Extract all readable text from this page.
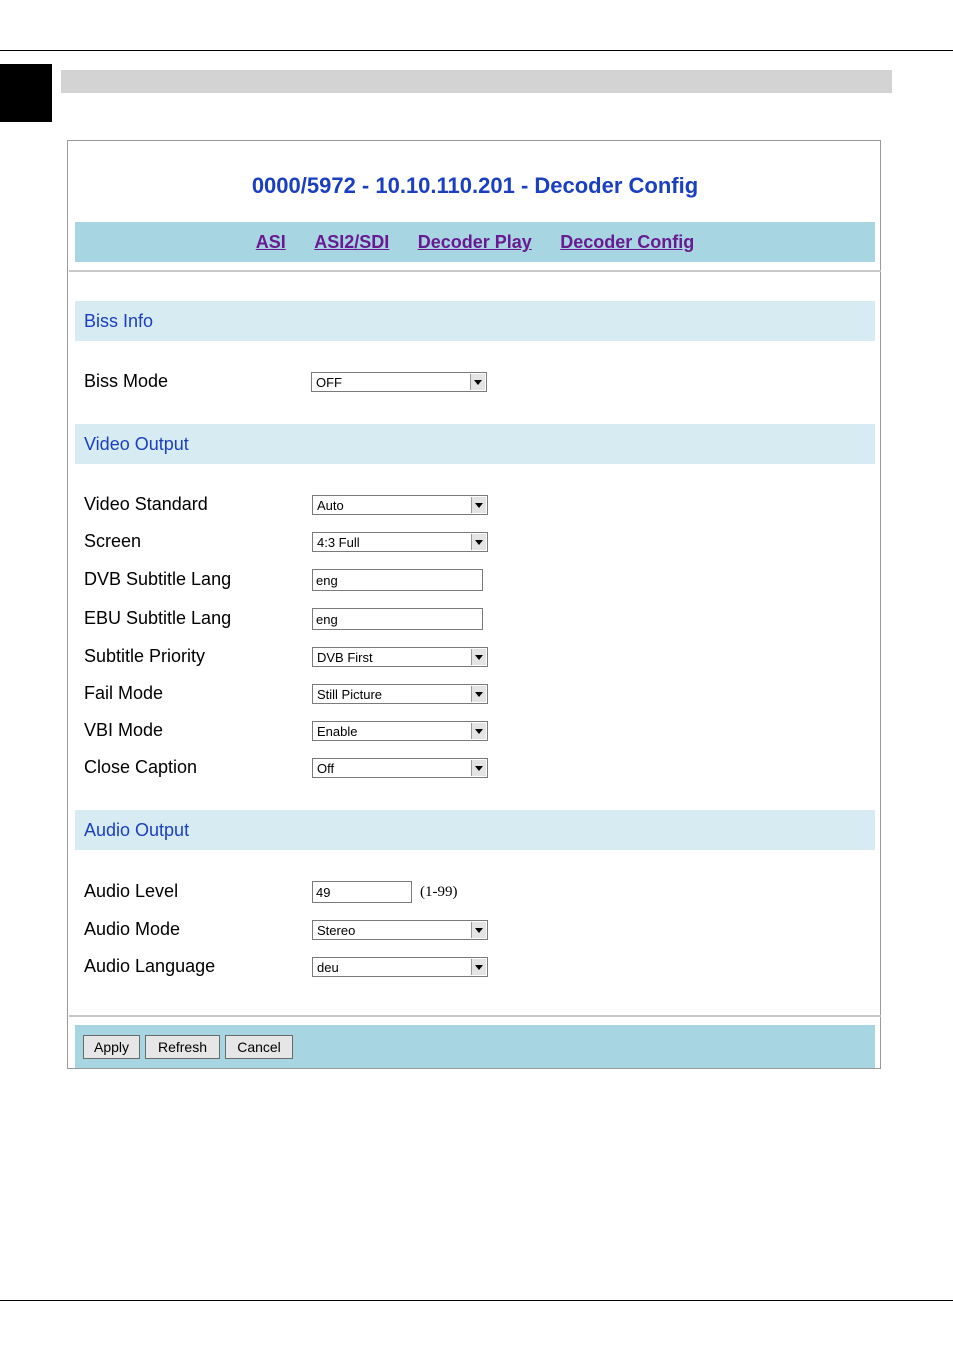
0000/5972 - 10.10.110.201 - Decoder Config
ASI ASI2/SDI Decoder Play Decoder Config
Biss Info
Biss Mode	OFF
Video Output
Video Standard	Auto
Screen	4:3 Full
DVB Subtitle Lang	eng
EBU Subtitle Lang	eng
Subtitle Priority	DVB First
Fail Mode	Still Picture
VBI Mode	Enable
Close Caption	Off
Audio Output
Audio Level	49	(1-99)
Audio Mode	Stereo
Audio Language	deu
Apply	Refresh	Cancel
